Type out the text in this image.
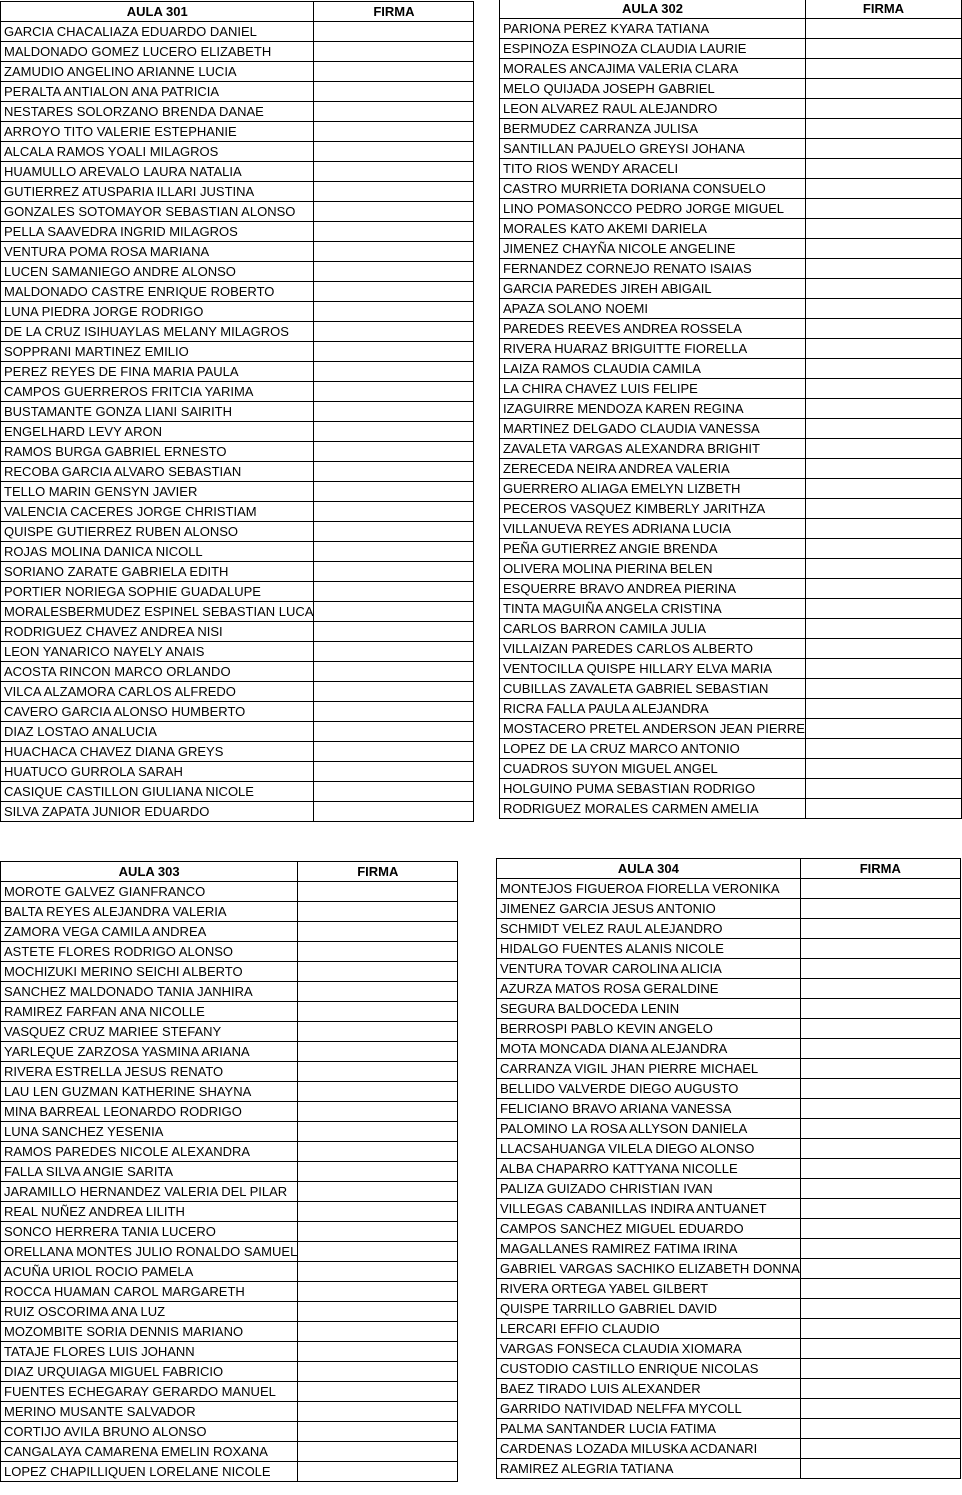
AULA 301	FIRMA
GARCIA CHACALIAZA EDUARDO DANIEL	
MALDONADO GOMEZ LUCERO ELIZABETH	
ZAMUDIO ANGELINO ARIANNE LUCIA	
PERALTA ANTIALON ANA PATRICIA	
NESTARES SOLORZANO BRENDA DANAE	
ARROYO TITO VALERIE ESTEPHANIE	
ALCALA RAMOS YOALI MILAGROS	
HUAMULLO AREVALO LAURA NATALIA	
GUTIERREZ ATUSPARIA ILLARI JUSTINA	
GONZALES SOTOMAYOR SEBASTIAN ALONSO	
PELLA SAAVEDRA INGRID MILAGROS	
VENTURA POMA ROSA MARIANA	
LUCEN SAMANIEGO ANDRE ALONSO	
MALDONADO CASTRE ENRIQUE ROBERTO	
LUNA PIEDRA JORGE RODRIGO	
DE LA CRUZ ISIHUAYLAS MELANY MILAGROS	
SOPPRANI MARTINEZ EMILIO	
PEREZ REYES DE FINA MARIA PAULA	
CAMPOS GUERREROS FRITCIA YARIMA	
BUSTAMANTE GONZA LIANI SAIRITH	
ENGELHARD LEVY ARON	
RAMOS BURGA GABRIEL ERNESTO	
RECOBA GARCIA ALVARO SEBASTIAN	
TELLO MARIN GENSYN JAVIER	
VALENCIA CACERES JORGE CHRISTIAM	
QUISPE GUTIERREZ RUBEN ALONSO	
ROJAS MOLINA DANICA NICOLL	
SORIANO ZARATE GABRIELA EDITH	
PORTIER NORIEGA SOPHIE GUADALUPE	
MORALESBERMUDEZ ESPINEL SEBASTIAN LUCA	
RODRIGUEZ CHAVEZ ANDREA NISI	
LEON YANARICO NAYELY ANAIS	
ACOSTA RINCON MARCO ORLANDO	
VILCA ALZAMORA CARLOS ALFREDO	
CAVERO GARCIA ALONSO HUMBERTO	
DIAZ LOSTAO ANALUCIA	
HUACHACA CHAVEZ DIANA GREYS	
HUATUCO GURROLA SARAH	
CASIQUE CASTILLON GIULIANA NICOLE	
SILVA ZAPATA JUNIOR EDUARDO	
AULA 302	FIRMA
PARIONA PEREZ KYARA TATIANA	
ESPINOZA ESPINOZA CLAUDIA LAURIE	
MORALES ANCAJIMA VALERIA CLARA	
MELO QUIJADA JOSEPH GABRIEL	
LEON ALVAREZ RAUL ALEJANDRO	
BERMUDEZ CARRANZA JULISA	
SANTILLAN PAJUELO GREYSI JOHANA	
TITO RIOS WENDY ARACELI	
CASTRO MURRIETA DORIANA CONSUELO	
LINO POMASONCCO PEDRO JORGE MIGUEL	
MORALES KATO AKEMI DARIELA	
JIMENEZ CHAYÑA NICOLE ANGELINE	
FERNANDEZ CORNEJO RENATO ISAIAS	
GARCIA PAREDES JIREH ABIGAIL	
APAZA SOLANO NOEMI	
PAREDES REEVES ANDREA ROSSELA	
RIVERA HUARAZ BRIGUITTE FIORELLA	
LAIZA RAMOS CLAUDIA CAMILA	
LA CHIRA CHAVEZ LUIS FELIPE	
IZAGUIRRE MENDOZA KAREN REGINA	
MARTINEZ DELGADO CLAUDIA VANESSA	
ZAVALETA VARGAS ALEXANDRA BRIGHIT	
ZERECEDA NEIRA ANDREA VALERIA	
GUERRERO ALIAGA EMELYN LIZBETH	
PECEROS VASQUEZ KIMBERLY JARITHZA	
VILLANUEVA REYES ADRIANA LUCIA	
PEÑA GUTIERREZ ANGIE BRENDA	
OLIVERA MOLINA PIERINA BELEN	
ESQUERRE BRAVO ANDREA PIERINA	
TINTA MAGUIÑA ANGELA CRISTINA	
CARLOS BARRON CAMILA JULIA	
VILLAIZAN PAREDES CARLOS ALBERTO	
VENTOCILLA QUISPE HILLARY ELVA MARIA	
CUBILLAS ZAVALETA GABRIEL SEBASTIAN	
RICRA FALLA PAULA ALEJANDRA	
MOSTACERO PRETEL ANDERSON JEAN PIERRE	
LOPEZ DE LA CRUZ MARCO ANTONIO	
CUADROS SUYON MIGUEL ANGEL	
HOLGUINO PUMA SEBASTIAN RODRIGO	
RODRIGUEZ MORALES CARMEN AMELIA	
AULA 303	FIRMA
MOROTE GALVEZ GIANFRANCO	
BALTA REYES ALEJANDRA VALERIA	
ZAMORA VEGA CAMILA ANDREA	
ASTETE FLORES RODRIGO ALONSO	
MOCHIZUKI MERINO SEICHI ALBERTO	
SANCHEZ MALDONADO TANIA JANHIRA	
RAMIREZ FARFAN ANA NICOLLE	
VASQUEZ CRUZ MARIEE STEFANY	
YARLEQUE ZARZOSA YASMINA ARIANA	
RIVERA ESTRELLA JESUS RENATO	
LAU LEN GUZMAN KATHERINE SHAYNA	
MINA BARREAL LEONARDO RODRIGO	
LUNA SANCHEZ YESENIA	
RAMOS PAREDES NICOLE ALEXANDRA	
FALLA SILVA ANGIE SARITA	
JARAMILLO HERNANDEZ VALERIA DEL PILAR	
REAL NUÑEZ ANDREA LILITH	
SONCO HERRERA TANIA LUCERO	
ORELLANA MONTES JULIO RONALDO SAMUEL	
ACUÑA URIOL ROCIO PAMELA	
ROCCA HUAMAN CAROL MARGARETH	
RUIZ OSCORIMA ANA LUZ	
MOZOMBITE SORIA DENNIS MARIANO	
TATAJE FLORES LUIS JOHANN	
DIAZ URQUIAGA MIGUEL FABRICIO	
FUENTES ECHEGARAY GERARDO MANUEL	
MERINO MUSANTE SALVADOR	
CORTIJO AVILA BRUNO ALONSO	
CANGALAYA CAMARENA EMELIN ROXANA	
LOPEZ CHAPILLIQUEN LORELANE NICOLE	
AULA 304	FIRMA
MONTEJOS FIGUEROA FIORELLA VERONIKA	
JIMENEZ GARCIA JESUS ANTONIO	
SCHMIDT VELEZ RAUL ALEJANDRO	
HIDALGO FUENTES ALANIS NICOLE	
VENTURA TOVAR CAROLINA ALICIA	
AZURZA MATOS ROSA GERALDINE	
SEGURA BALDOCEDA LENIN	
BERROSPI PABLO KEVIN ANGELO	
MOTA MONCADA DIANA ALEJANDRA	
CARRANZA VIGIL JHAN PIERRE MICHAEL	
BELLIDO VALVERDE DIEGO AUGUSTO	
FELICIANO BRAVO ARIANA VANESSA	
PALOMINO LA ROSA ALLYSON DANIELA	
LLACSAHUANGA VILELA DIEGO ALONSO	
ALBA CHAPARRO KATTYANA NICOLLE	
PALIZA GUIZADO CHRISTIAN IVAN	
VILLEGAS CABANILLAS INDIRA ANTUANET	
CAMPOS SANCHEZ MIGUEL EDUARDO	
MAGALLANES RAMIREZ FATIMA IRINA	
GABRIEL VARGAS SACHIKO ELIZABETH DONNA	
RIVERA ORTEGA YABEL GILBERT	
QUISPE TARRILLO GABRIEL DAVID	
LERCARI EFFIO CLAUDIO	
VARGAS FONSECA CLAUDIA XIOMARA	
CUSTODIO CASTILLO ENRIQUE NICOLAS	
BAEZ TIRADO LUIS ALEXANDER	
GARRIDO NATIVIDAD NELFFA MYCOLL	
PALMA SANTANDER LUCIA FATIMA	
CARDENAS LOZADA MILUSKA ACDANARI	
RAMIREZ ALEGRIA TATIANA	
